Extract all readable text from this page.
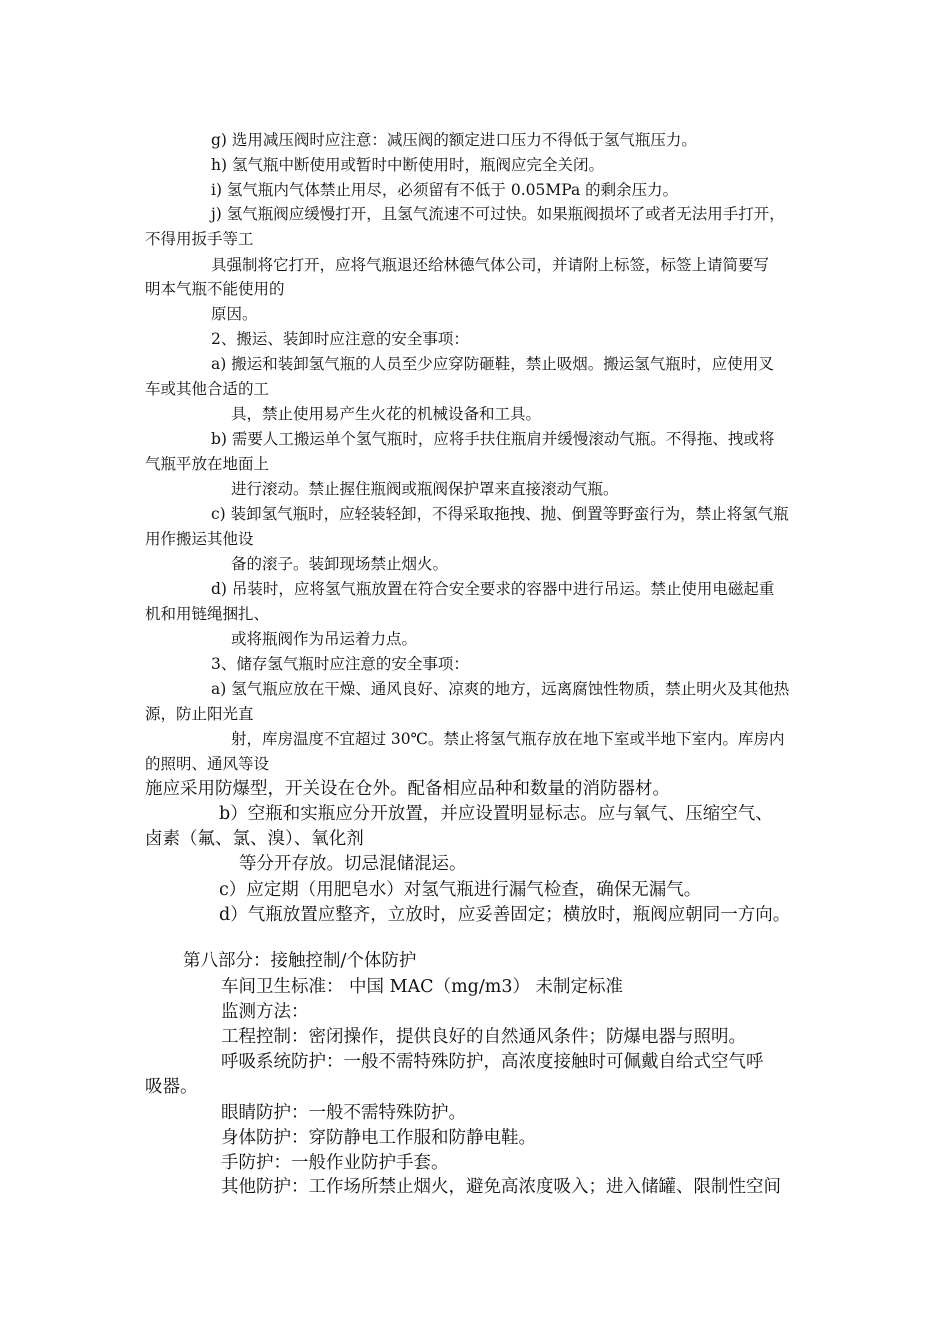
g) 选用减压阀时应注意：减压阀的额定进口压力不得低于氢气瓶压力。
h) 氢气瓶中断使用或暂时中断使用时，瓶阀应完全关闭。
i) 氢气瓶内气体禁止用尽，必须留有不低于 0.05MPa 的剩余压力。
j) 氢气瓶阀应缓慢打开，且氢气流速不可过快。如果瓶阀损坏了或者无法用手打开，
不得用扳手等工
具强制将它打开，应将气瓶退还给林德气体公司，并请附上标签，标签上请简要写
明本气瓶不能使用的
原因。
2、搬运、装卸时应注意的安全事项：
a) 搬运和装卸氢气瓶的人员至少应穿防砸鞋，禁止吸烟。搬运氢气瓶时，应使用叉
车或其他合适的工
具，禁止使用易产生火花的机械设备和工具。
b) 需要人工搬运单个氢气瓶时，应将手扶住瓶肩并缓慢滚动气瓶。不得拖、拽或将
气瓶平放在地面上
进行滚动。禁止握住瓶阀或瓶阀保护罩来直接滚动气瓶。
c) 装卸氢气瓶时，应轻装轻卸，不得采取拖拽、抛、倒置等野蛮行为，禁止将氢气瓶
用作搬运其他设
备的滚子。装卸现场禁止烟火。
d) 吊装时，应将氢气瓶放置在符合安全要求的容器中进行吊运。禁止使用电磁起重
机和用链绳捆扎、
或将瓶阀作为吊运着力点。
3、储存氢气瓶时应注意的安全事项：
a) 氢气瓶应放在干燥、通风良好、凉爽的地方，远离腐蚀性物质，禁止明火及其他热
源，防止阳光直
射，库房温度不宜超过 30℃。禁止将氢气瓶存放在地下室或半地下室内。库房内
的照明、通风等设
施应采用防爆型，开关设在仓外。配备相应品种和数量的消防器材。
b）空瓶和实瓶应分开放置，并应设置明显标志。应与氧气、压缩空气、
卤素（氟、氯、溴）、氧化剂
等分开存放。切忌混储混运。
c）应定期（用肥皂水）对氢气瓶进行漏气检查，确保无漏气。
d）气瓶放置应整齐，立放时，应妥善固定；横放时，瓶阀应朝同一方向。
第八部分：接触控制/个体防护
车间卫生标准： 中国 MAC（mg/m3） 未制定标准
监测方法：
工程控制：密闭操作，提供良好的自然通风条件；防爆电器与照明。
呼吸系统防护：一般不需特殊防护，高浓度接触时可佩戴自给式空气呼
吸器。
眼睛防护：一般不需特殊防护。
身体防护：穿防静电工作服和防静电鞋。
手防护：一般作业防护手套。
其他防护：工作场所禁止烟火，避免高浓度吸入；进入储罐、限制性空间
